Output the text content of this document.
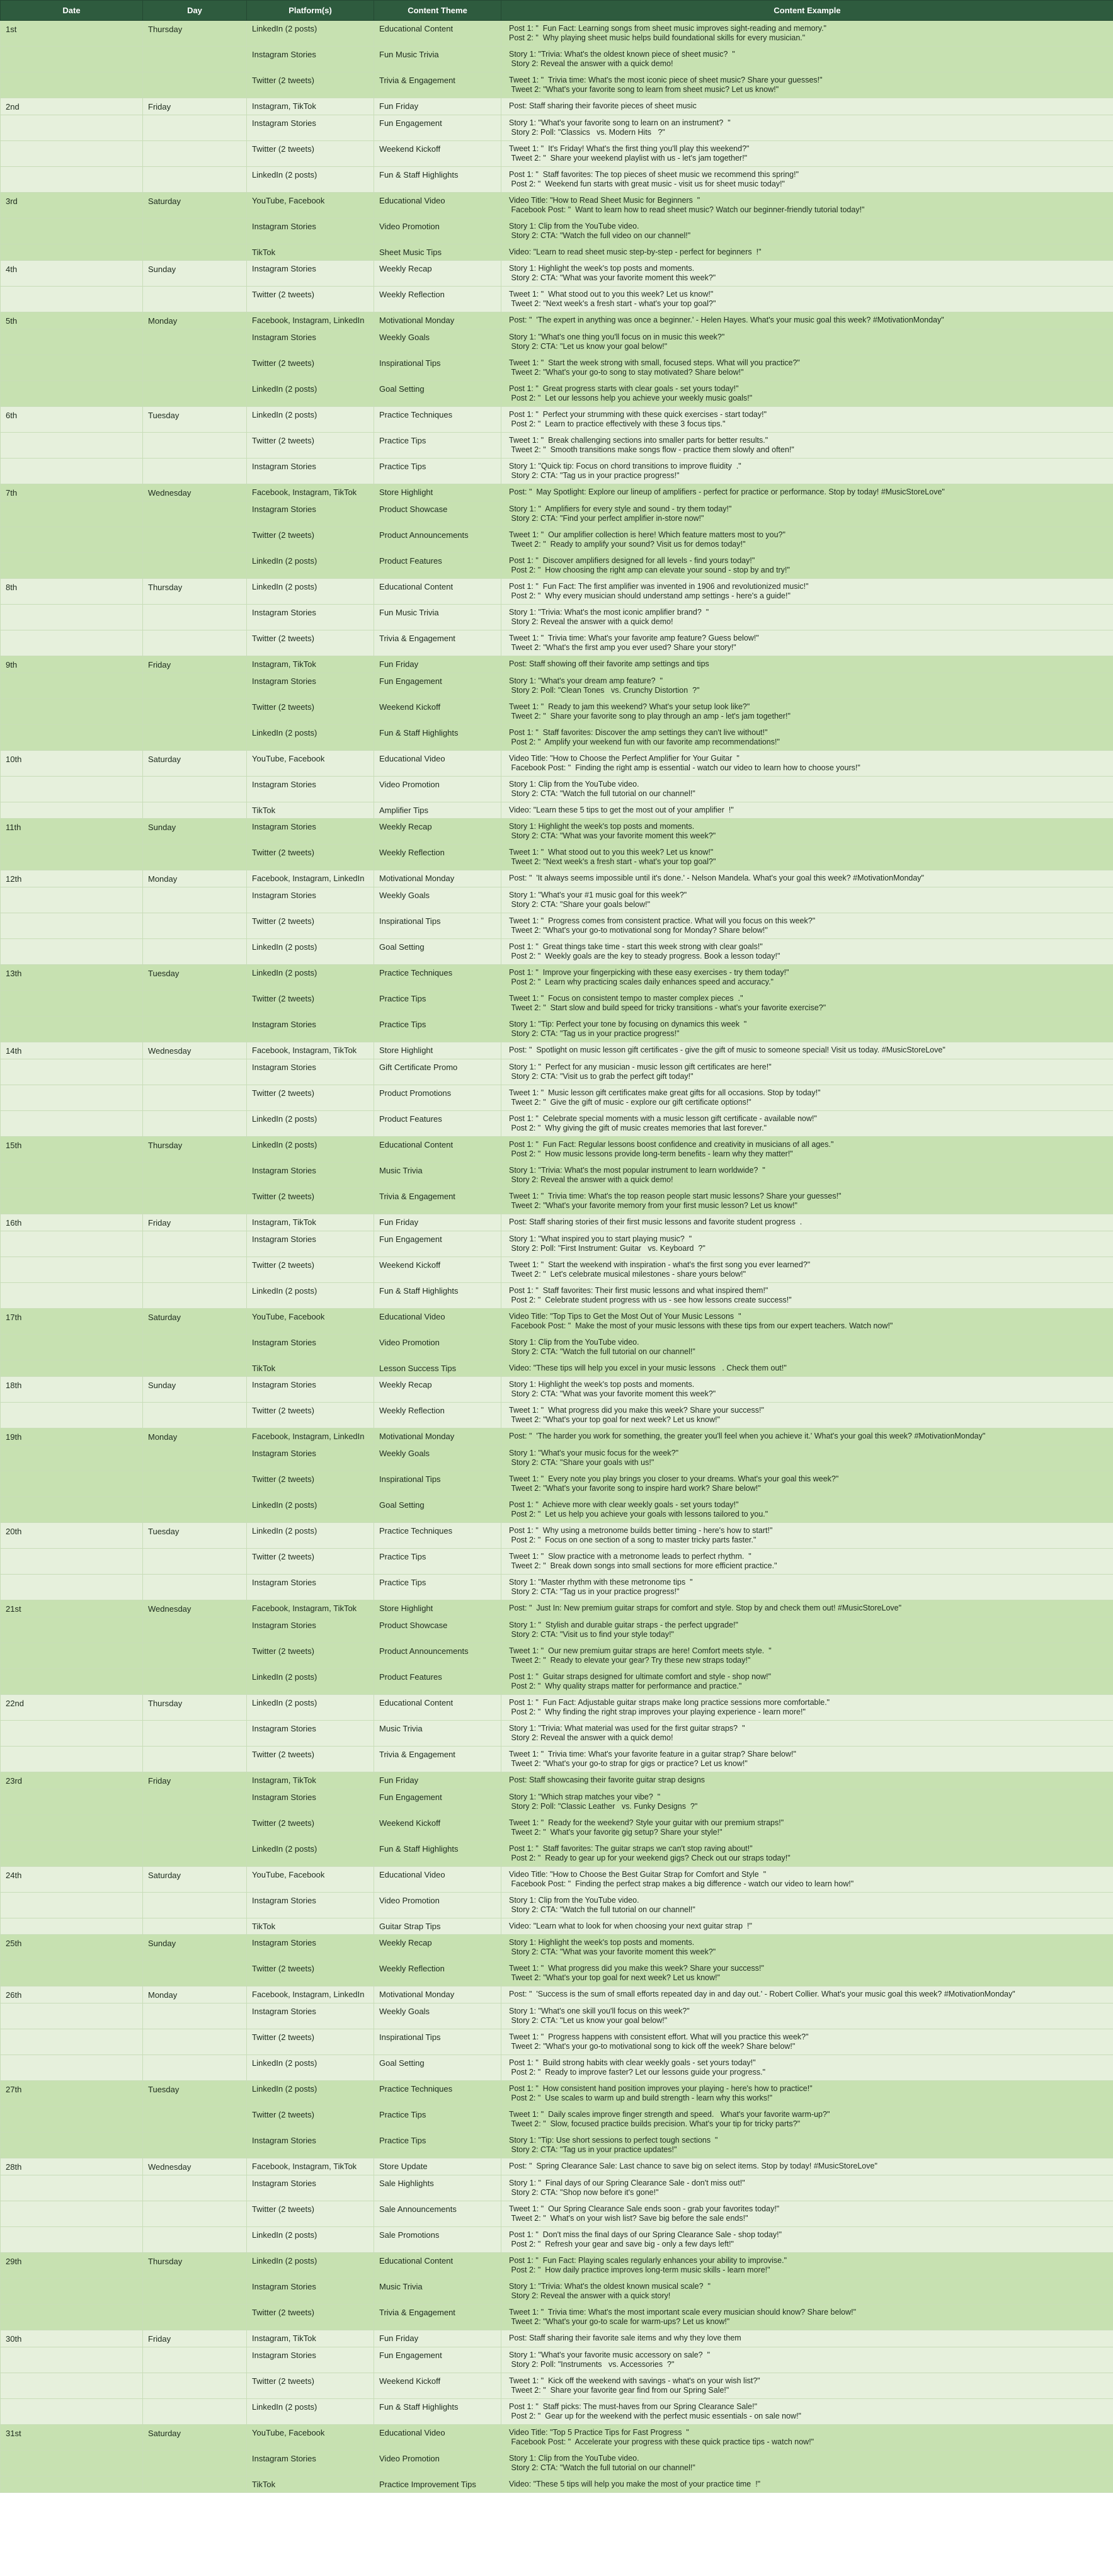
Date	Day	Platform(s)	Content Theme	Content Example
1st	Thursday	LinkedIn (2 posts)	Educational Content	Post 1: "  Fun Fact: Learning songs from sheet music improves sight-reading and memory."
Post 2: "  Why playing sheet music helps build foundational skills for every musician."
		Instagram Stories	Fun Music Trivia	Story 1: "Trivia: What's the oldest known piece of sheet music?  "
Story 2: Reveal the answer with a quick demo!
		Twitter (2 tweets)	Trivia & Engagement	Tweet 1: "  Trivia time: What's the most iconic piece of sheet music? Share your guesses!"
Tweet 2: "What's your favorite song to learn from sheet music? Let us know!"
2nd	Friday	Instagram, TikTok	Fun Friday	Post: Staff sharing their favorite pieces of sheet music
		Instagram Stories	Fun Engagement	Story 1: "What's your favorite song to learn on an instrument?  "
Story 2: Poll: "Classics   vs. Modern Hits   ?"
		Twitter (2 tweets)	Weekend Kickoff	Tweet 1: "  It's Friday! What's the first thing you'll play this weekend?"
Tweet 2: "  Share your weekend playlist with us - let's jam together!"
		LinkedIn (2 posts)	Fun & Staff Highlights	Post 1: "  Staff favorites: The top pieces of sheet music we recommend this spring!"
Post 2: "  Weekend fun starts with great music - visit us for sheet music today!"
3rd	Saturday	YouTube, Facebook	Educational Video	Video Title: "How to Read Sheet Music for Beginners  "
Facebook Post: "  Want to learn how to read sheet music? Watch our beginner-friendly tutorial today!"
		Instagram Stories	Video Promotion	Story 1: Clip from the YouTube video.
Story 2: CTA: "Watch the full video on our channel!"
		TikTok	Sheet Music Tips	Video: "Learn to read sheet music step-by-step - perfect for beginners  !"
4th	Sunday	Instagram Stories	Weekly Recap	Story 1: Highlight the week's top posts and moments.
Story 2: CTA: "What was your favorite moment this week?"
		Twitter (2 tweets)	Weekly Reflection	Tweet 1: "  What stood out to you this week? Let us know!"
Tweet 2: "Next week's a fresh start - what's your top goal?"
5th	Monday	Facebook, Instagram, LinkedIn	Motivational Monday	Post: "  'The expert in anything was once a beginner.' - Helen Hayes. What's your music goal this week? #MotivationMonday"
		Instagram Stories	Weekly Goals	Story 1: "What's one thing you'll focus on in music this week?"
Story 2: CTA: "Let us know your goal below!"
		Twitter (2 tweets)	Inspirational Tips	Tweet 1: "  Start the week strong with small, focused steps. What will you practice?"
Tweet 2: "What's your go-to song to stay motivated? Share below!"
		LinkedIn (2 posts)	Goal Setting	Post 1: "  Great progress starts with clear goals - set yours today!"
Post 2: "  Let our lessons help you achieve your weekly music goals!"
6th	Tuesday	LinkedIn (2 posts)	Practice Techniques	Post 1: "  Perfect your strumming with these quick exercises - start today!"
Post 2: "  Learn to practice effectively with these 3 focus tips."
		Twitter (2 tweets)	Practice Tips	Tweet 1: "  Break challenging sections into smaller parts for better results."
Tweet 2: "  Smooth transitions make songs flow - practice them slowly and often!"
		Instagram Stories	Practice Tips	Story 1: "Quick tip: Focus on chord transitions to improve fluidity  ."
Story 2: CTA: "Tag us in your practice progress!"
7th	Wednesday	Facebook, Instagram, TikTok	Store Highlight	Post: "  May Spotlight: Explore our lineup of amplifiers - perfect for practice or performance. Stop by today! #MusicStoreLove"
		Instagram Stories	Product Showcase	Story 1: "  Amplifiers for every style and sound - try them today!"
Story 2: CTA: "Find your perfect amplifier in-store now!"
		Twitter (2 tweets)	Product Announcements	Tweet 1: "  Our amplifier collection is here! Which feature matters most to you?"
Tweet 2: "  Ready to amplify your sound? Visit us for demos today!"
		LinkedIn (2 posts)	Product Features	Post 1: "  Discover amplifiers designed for all levels - find yours today!"
Post 2: "  How choosing the right amp can elevate your sound - stop by and try!"
8th	Thursday	LinkedIn (2 posts)	Educational Content	Post 1: "  Fun Fact: The first amplifier was invented in 1906 and revolutionized music!"
Post 2: "  Why every musician should understand amp settings - here's a guide!"
		Instagram Stories	Fun Music Trivia	Story 1: "Trivia: What's the most iconic amplifier brand?  "
Story 2: Reveal the answer with a quick demo!
		Twitter (2 tweets)	Trivia & Engagement	Tweet 1: "  Trivia time: What's your favorite amp feature? Guess below!"
Tweet 2: "What's the first amp you ever used? Share your story!"
9th	Friday	Instagram, TikTok	Fun Friday	Post: Staff showing off their favorite amp settings and tips
		Instagram Stories	Fun Engagement	Story 1: "What's your dream amp feature?  "
Story 2: Poll: "Clean Tones   vs. Crunchy Distortion  ?"
		Twitter (2 tweets)	Weekend Kickoff	Tweet 1: "  Ready to jam this weekend? What's your setup look like?"
Tweet 2: "  Share your favorite song to play through an amp - let's jam together!"
		LinkedIn (2 posts)	Fun & Staff Highlights	Post 1: "  Staff favorites: Discover the amp settings they can't live without!"
Post 2: "  Amplify your weekend fun with our favorite amp recommendations!"
10th	Saturday	YouTube, Facebook	Educational Video	Video Title: "How to Choose the Perfect Amplifier for Your Guitar  "
Facebook Post: "  Finding the right amp is essential - watch our video to learn how to choose yours!"
		Instagram Stories	Video Promotion	Story 1: Clip from the YouTube video.
Story 2: CTA: "Watch the full tutorial on our channel!"
		TikTok	Amplifier Tips	Video: "Learn these 5 tips to get the most out of your amplifier  !"
11th	Sunday	Instagram Stories	Weekly Recap	Story 1: Highlight the week's top posts and moments.
Story 2: CTA: "What was your favorite moment this week?"
		Twitter (2 tweets)	Weekly Reflection	Tweet 1: "  What stood out to you this week? Let us know!"
Tweet 2: "Next week's a fresh start - what's your top goal?"
12th	Monday	Facebook, Instagram, LinkedIn	Motivational Monday	Post: "  'It always seems impossible until it's done.' - Nelson Mandela. What's your goal this week? #MotivationMonday"
		Instagram Stories	Weekly Goals	Story 1: "What's your #1 music goal for this week?"
Story 2: CTA: "Share your goals below!"
		Twitter (2 tweets)	Inspirational Tips	Tweet 1: "  Progress comes from consistent practice. What will you focus on this week?"
Tweet 2: "What's your go-to motivational song for Monday? Share below!"
		LinkedIn (2 posts)	Goal Setting	Post 1: "  Great things take time - start this week strong with clear goals!"
Post 2: "  Weekly goals are the key to steady progress. Book a lesson today!"
13th	Tuesday	LinkedIn (2 posts)	Practice Techniques	Post 1: "  Improve your fingerpicking with these easy exercises - try them today!"
Post 2: "  Learn why practicing scales daily enhances speed and accuracy."
		Twitter (2 tweets)	Practice Tips	Tweet 1: "  Focus on consistent tempo to master complex pieces  ."
Tweet 2: "  Start slow and build speed for tricky transitions - what's your favorite exercise?"
		Instagram Stories	Practice Tips	Story 1: "Tip: Perfect your tone by focusing on dynamics this week  "
Story 2: CTA: "Tag us in your practice progress!"
14th	Wednesday	Facebook, Instagram, TikTok	Store Highlight	Post: "  Spotlight on music lesson gift certificates - give the gift of music to someone special! Visit us today. #MusicStoreLove"
		Instagram Stories	Gift Certificate Promo	Story 1: "  Perfect for any musician - music lesson gift certificates are here!"
Story 2: CTA: "Visit us to grab the perfect gift today!"
		Twitter (2 tweets)	Product Promotions	Tweet 1: "  Music lesson gift certificates make great gifts for all occasions. Stop by today!"
Tweet 2: "  Give the gift of music - explore our gift certificate options!"
		LinkedIn (2 posts)	Product Features	Post 1: "  Celebrate special moments with a music lesson gift certificate - available now!"
Post 2: "  Why giving the gift of music creates memories that last forever."
15th	Thursday	LinkedIn (2 posts)	Educational Content	Post 1: "  Fun Fact: Regular lessons boost confidence and creativity in musicians of all ages."
Post 2: "  How music lessons provide long-term benefits - learn why they matter!"
		Instagram Stories	Music Trivia	Story 1: "Trivia: What's the most popular instrument to learn worldwide?  "
Story 2: Reveal the answer with a quick demo!
		Twitter (2 tweets)	Trivia & Engagement	Tweet 1: "  Trivia time: What's the top reason people start music lessons? Share your guesses!"
Tweet 2: "What's your favorite memory from your first music lesson? Let us know!"
16th	Friday	Instagram, TikTok	Fun Friday	Post: Staff sharing stories of their first music lessons and favorite student progress  .
		Instagram Stories	Fun Engagement	Story 1: "What inspired you to start playing music?  "
Story 2: Poll: "First Instrument: Guitar   vs. Keyboard  ?"
		Twitter (2 tweets)	Weekend Kickoff	Tweet 1: "  Start the weekend with inspiration - what's the first song you ever learned?"
Tweet 2: "  Let's celebrate musical milestones - share yours below!"
		LinkedIn (2 posts)	Fun & Staff Highlights	Post 1: "  Staff favorites: Their first music lessons and what inspired them!"
Post 2: "  Celebrate student progress with us - see how lessons create success!"
17th	Saturday	YouTube, Facebook	Educational Video	Video Title: "Top Tips to Get the Most Out of Your Music Lessons  "
Facebook Post: "  Make the most of your music lessons with these tips from our expert teachers. Watch now!"
		Instagram Stories	Video Promotion	Story 1: Clip from the YouTube video.
Story 2: CTA: "Watch the full tutorial on our channel!"
		TikTok	Lesson Success Tips	Video: "These tips will help you excel in your music lessons   . Check them out!"
18th	Sunday	Instagram Stories	Weekly Recap	Story 1: Highlight the week's top posts and moments.
Story 2: CTA: "What was your favorite moment this week?"
		Twitter (2 tweets)	Weekly Reflection	Tweet 1: "  What progress did you make this week? Share your success!"
Tweet 2: "What's your top goal for next week? Let us know!"
19th	Monday	Facebook, Instagram, LinkedIn	Motivational Monday	Post: "  'The harder you work for something, the greater you'll feel when you achieve it.' What's your goal this week? #MotivationMonday"
		Instagram Stories	Weekly Goals	Story 1: "What's your music focus for the week?"
Story 2: CTA: "Share your goals with us!"
		Twitter (2 tweets)	Inspirational Tips	Tweet 1: "  Every note you play brings you closer to your dreams. What's your goal this week?"
Tweet 2: "What's your favorite song to inspire hard work? Share below!"
		LinkedIn (2 posts)	Goal Setting	Post 1: "  Achieve more with clear weekly goals - set yours today!"
Post 2: "  Let us help you achieve your goals with lessons tailored to you."
20th	Tuesday	LinkedIn (2 posts)	Practice Techniques	Post 1: "  Why using a metronome builds better timing - here's how to start!"
Post 2: "  Focus on one section of a song to master tricky parts faster."
		Twitter (2 tweets)	Practice Tips	Tweet 1: "  Slow practice with a metronome leads to perfect rhythm.  "
Tweet 2: "  Break down songs into small sections for more efficient practice."
		Instagram Stories	Practice Tips	Story 1: "Master rhythm with these metronome tips  "
Story 2: CTA: "Tag us in your practice progress!"
21st	Wednesday	Facebook, Instagram, TikTok	Store Highlight	Post: "  Just In: New premium guitar straps for comfort and style. Stop by and check them out! #MusicStoreLove"
		Instagram Stories	Product Showcase	Story 1: "  Stylish and durable guitar straps - the perfect upgrade!"
Story 2: CTA: "Visit us to find your style today!"
		Twitter (2 tweets)	Product Announcements	Tweet 1: "  Our new premium guitar straps are here! Comfort meets style.  "
Tweet 2: "  Ready to elevate your gear? Try these new straps today!"
		LinkedIn (2 posts)	Product Features	Post 1: "  Guitar straps designed for ultimate comfort and style - shop now!"
Post 2: "  Why quality straps matter for performance and practice."
22nd	Thursday	LinkedIn (2 posts)	Educational Content	Post 1: "  Fun Fact: Adjustable guitar straps make long practice sessions more comfortable."
Post 2: "  Why finding the right strap improves your playing experience - learn more!"
		Instagram Stories	Music Trivia	Story 1: "Trivia: What material was used for the first guitar straps?  "
Story 2: Reveal the answer with a quick demo!
		Twitter (2 tweets)	Trivia & Engagement	Tweet 1: "  Trivia time: What's your favorite feature in a guitar strap? Share below!"
Tweet 2: "What's your go-to strap for gigs or practice? Let us know!"
23rd	Friday	Instagram, TikTok	Fun Friday	Post: Staff showcasing their favorite guitar strap designs
		Instagram Stories	Fun Engagement	Story 1: "Which strap matches your vibe?  "
Story 2: Poll: "Classic Leather   vs. Funky Designs  ?"
		Twitter (2 tweets)	Weekend Kickoff	Tweet 1: "  Ready for the weekend? Style your guitar with our premium straps!"
Tweet 2: "  What's your favorite gig setup? Share your style!"
		LinkedIn (2 posts)	Fun & Staff Highlights	Post 1: "  Staff favorites: The guitar straps we can't stop raving about!"
Post 2: "  Ready to gear up for your weekend gigs? Check out our straps today!"
24th	Saturday	YouTube, Facebook	Educational Video	Video Title: "How to Choose the Best Guitar Strap for Comfort and Style  "
Facebook Post: "  Finding the perfect strap makes a big difference - watch our video to learn how!"
		Instagram Stories	Video Promotion	Story 1: Clip from the YouTube video.
Story 2: CTA: "Watch the full tutorial on our channel!"
		TikTok	Guitar Strap Tips	Video: "Learn what to look for when choosing your next guitar strap  !"
25th	Sunday	Instagram Stories	Weekly Recap	Story 1: Highlight the week's top posts and moments.
Story 2: CTA: "What was your favorite moment this week?"
		Twitter (2 tweets)	Weekly Reflection	Tweet 1: "  What progress did you make this week? Share your success!"
Tweet 2: "What's your top goal for next week? Let us know!"
26th	Monday	Facebook, Instagram, LinkedIn	Motivational Monday	Post: "  'Success is the sum of small efforts repeated day in and day out.' - Robert Collier. What's your music goal this week? #MotivationMonday"
		Instagram Stories	Weekly Goals	Story 1: "What's one skill you'll focus on this week?"
Story 2: CTA: "Let us know your goal below!"
		Twitter (2 tweets)	Inspirational Tips	Tweet 1: "  Progress happens with consistent effort. What will you practice this week?"
Tweet 2: "What's your go-to motivational song to kick off the week? Share below!"
		LinkedIn (2 posts)	Goal Setting	Post 1: "  Build strong habits with clear weekly goals - set yours today!"
Post 2: "  Ready to improve faster? Let our lessons guide your progress."
27th	Tuesday	LinkedIn (2 posts)	Practice Techniques	Post 1: "  How consistent hand position improves your playing - here's how to practice!"
Post 2: "  Use scales to warm up and build strength - learn why this works!"
		Twitter (2 tweets)	Practice Tips	Tweet 1: "  Daily scales improve finger strength and speed.   What's your favorite warm-up?"
Tweet 2: "  Slow, focused practice builds precision. What's your tip for tricky parts?"
		Instagram Stories	Practice Tips	Story 1: "Tip: Use short sessions to perfect tough sections  "
Story 2: CTA: "Tag us in your practice updates!"
28th	Wednesday	Facebook, Instagram, TikTok	Store Update	Post: "  Spring Clearance Sale: Last chance to save big on select items. Stop by today! #MusicStoreLove"
		Instagram Stories	Sale Highlights	Story 1: "  Final days of our Spring Clearance Sale - don't miss out!"
Story 2: CTA: "Shop now before it's gone!"
		Twitter (2 tweets)	Sale Announcements	Tweet 1: "  Our Spring Clearance Sale ends soon - grab your favorites today!"
Tweet 2: "  What's on your wish list? Save big before the sale ends!"
		LinkedIn (2 posts)	Sale Promotions	Post 1: "  Don't miss the final days of our Spring Clearance Sale - shop today!"
Post 2: "  Refresh your gear and save big - only a few days left!"
29th	Thursday	LinkedIn (2 posts)	Educational Content	Post 1: "  Fun Fact: Playing scales regularly enhances your ability to improvise."
Post 2: "  How daily practice improves long-term music skills - learn more!"
		Instagram Stories	Music Trivia	Story 1: "Trivia: What's the oldest known musical scale?  "
Story 2: Reveal the answer with a quick story!
		Twitter (2 tweets)	Trivia & Engagement	Tweet 1: "  Trivia time: What's the most important scale every musician should know? Share below!"
Tweet 2: "What's your go-to scale for warm-ups? Let us know!"
30th	Friday	Instagram, TikTok	Fun Friday	Post: Staff sharing their favorite sale items and why they love them
		Instagram Stories	Fun Engagement	Story 1: "What's your favorite music accessory on sale?  "
Story 2: Poll: "Instruments   vs. Accessories  ?"
		Twitter (2 tweets)	Weekend Kickoff	Tweet 1: "  Kick off the weekend with savings - what's on your wish list?"
Tweet 2: "  Share your favorite gear find from our Spring Sale!"
		LinkedIn (2 posts)	Fun & Staff Highlights	Post 1: "  Staff picks: The must-haves from our Spring Clearance Sale!"
Post 2: "  Gear up for the weekend with the perfect music essentials - on sale now!"
31st	Saturday	YouTube, Facebook	Educational Video	Video Title: "Top 5 Practice Tips for Fast Progress  "
Facebook Post: "  Accelerate your progress with these quick practice tips - watch now!"
		Instagram Stories	Video Promotion	Story 1: Clip from the YouTube video.
Story 2: CTA: "Watch the full tutorial on our channel!"
		TikTok	Practice Improvement Tips	Video: "These 5 tips will help you make the most of your practice time  !"
